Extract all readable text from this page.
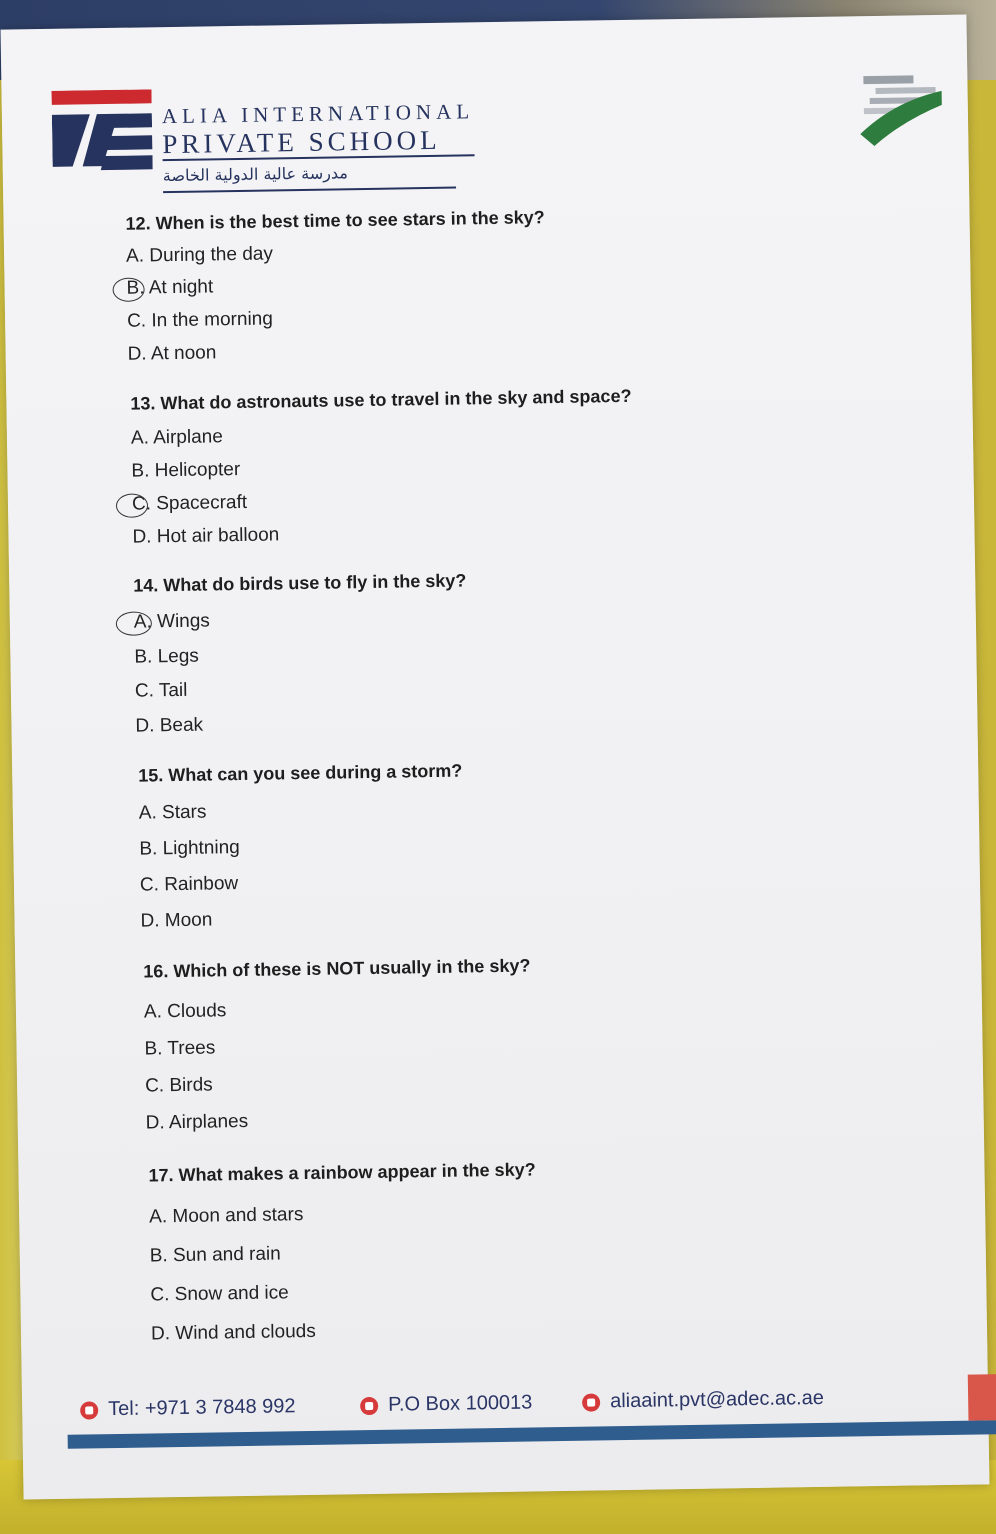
ALIA INTERNATIONAL
PRIVATE SCHOOL
مدرسة عالية الدولية الخاصة
12. When is the best time to see stars in the sky?
A. During the day
B. At night
C. In the morning
D. At noon
13. What do astronauts use to travel in the sky and space?
A. Airplane
B. Helicopter
C. Spacecraft
D. Hot air balloon
14. What do birds use to fly in the sky?
A. Wings
B. Legs
C. Tail
D. Beak
15. What can you see during a storm?
A. Stars
B. Lightning
C. Rainbow
D. Moon
16. Which of these is NOT usually in the sky?
A. Clouds
B. Trees
C. Birds
D. Airplanes
17. What makes a rainbow appear in the sky?
A. Moon and stars
B. Sun and rain
C. Snow and ice
D. Wind and clouds
Tel: +971 3 7848 992	P.O Box 100013	aliaaint.pvt@adec.ac.ae
